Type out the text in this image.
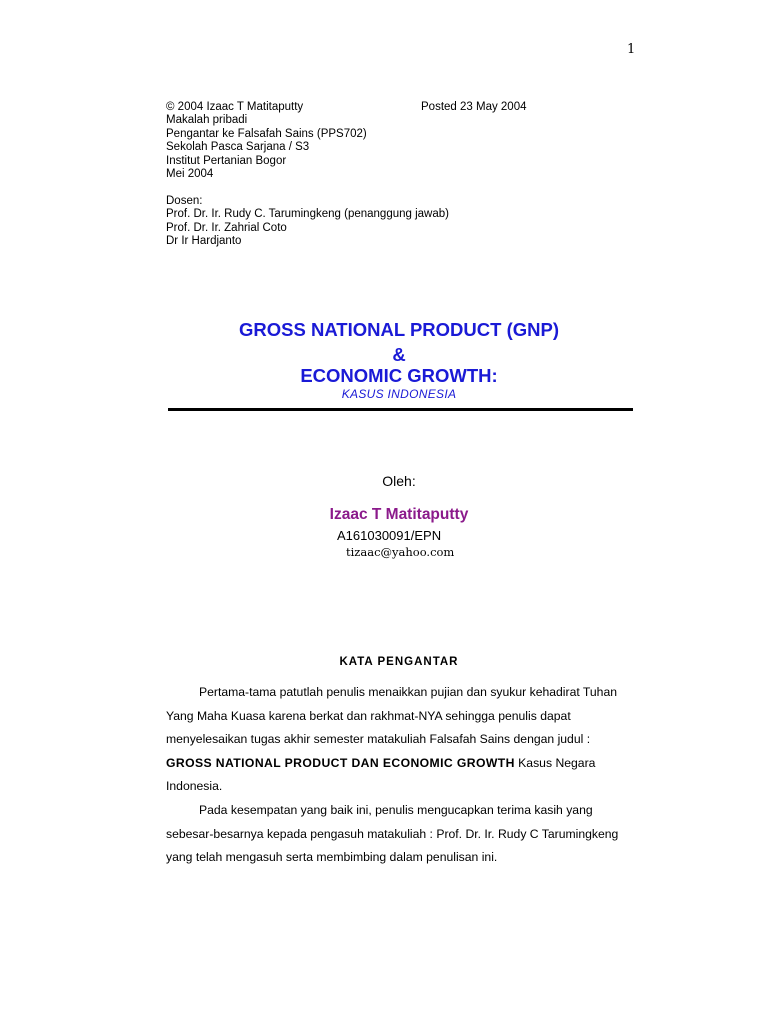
1
© 2004 Izaac T Matitaputty
Makalah pribadi
Pengantar ke Falsafah Sains (PPS702)
Sekolah Pasca Sarjana / S3
Institut Pertanian Bogor
Mei 2004
Posted 23 May 2004
Dosen:
Prof. Dr. Ir. Rudy C. Tarumingkeng (penanggung jawab)
Prof. Dr. Ir. Zahrial Coto
Dr Ir Hardjanto
GROSS NATIONAL PRODUCT (GNP)
&
ECONOMIC GROWTH:
KASUS INDONESIA
Oleh:
Izaac T Matitaputty
A161030091/EPN
tizaac@yahoo.com
KATA PENGANTAR

Pertama-tama patutlah penulis menaikkan pujian dan syukur kehadirat Tuhan Yang Maha Kuasa karena berkat dan rakhmat-NYA sehingga penulis dapat menyelesaikan tugas akhir semester matakuliah Falsafah Sains dengan judul : GROSS NATIONAL PRODUCT DAN ECONOMIC GROWTH Kasus Negara Indonesia.

Pada kesempatan yang baik ini, penulis mengucapkan terima kasih yang sebesar-besarnya kepada pengasuh matakuliah : Prof. Dr. Ir. Rudy C Tarumingkeng yang telah mengasuh serta membimbing dalam penulisan ini.
